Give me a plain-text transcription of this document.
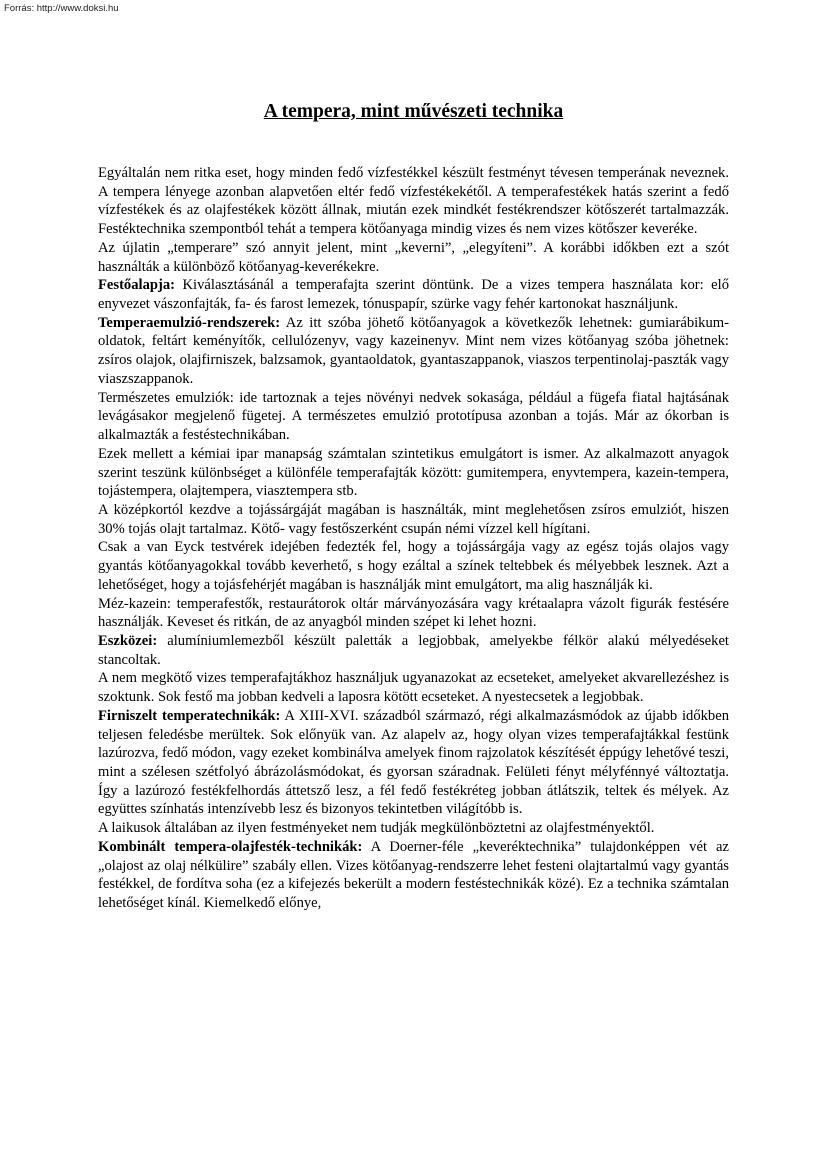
Forrás: http://www.doksi.hu
A tempera, mint művészeti technika

Egyáltalán nem ritka eset, hogy minden fedő vízfestékkel készült festményt tévesen temperának neveznek. A tempera lényege azonban alapvetően eltér fedő vízfestékekétől. A temperafestékek hatás szerint a fedő vízfestékek és az olajfestékek között állnak, miután ezek mindkét festékrendszer kötőszerét tartalmazzák. Festéktechnika szempontból tehát a tempera kötőanyaga mindig vizes és nem vizes kötőszer keveréke.

Az újlatin „temperare” szó annyit jelent, mint „keverni”, „elegyíteni”. A korábbi időkben ezt a szót használták a különböző kötőanyag-keverékekre.

Festőalapja: Kiválasztásánál a temperafajta szerint döntünk. De a vizes tempera használata kor: elő enyvezet vászonfajták, fa- és farost lemezek, tónuspapír, szürke vagy fehér kartonokat használjunk.

Temperaemulzió-rendszerek: Az itt szóba jöhető kötőanyagok a következők lehetnek: gumiarábikum-oldatok, feltárt keményítők, cellulózenyv, vagy kazeinenyv. Mint nem vizes kötőanyag szóba jöhetnek: zsíros olajok, olajfirniszek, balzsamok, gyantaoldatok, gyantaszappanok, viaszos terpentinolaj-paszták vagy viaszszappanok.

Természetes emulziók: ide tartoznak a tejes növényi nedvek sokasága, például a fügefa fiatal hajtásának levágásakor megjelenő fügetej. A természetes emulzió prototípusa azonban a tojás. Már az ókorban is alkalmazták a festéstechnikában.

Ezek mellett a kémiai ipar manapság számtalan szintetikus emulgátort is ismer. Az alkalmazott anyagok szerint teszünk különbséget a különféle temperafajták között: gumitempera, enyvtempera, kazein-tempera, tojástempera, olajtempera, viasztempera stb.

A középkortól kezdve a tojássárgáját magában is használták, mint meglehetősen zsíros emulziót, hiszen 30% tojás olajt tartalmaz. Kötő- vagy festőszerként csupán némi vízzel kell hígítani.

Csak a van Eyck testvérek idejében fedezték fel, hogy a tojássárgája vagy az egész tojás olajos vagy gyantás kötőanyagokkal tovább keverhető, s hogy ezáltal a színek teltebbek és mélyebbek lesznek. Azt a lehetőséget, hogy a tojásfehérjét magában is használják mint emulgátort, ma alig használják ki.

Méz-kazein: temperafestők, restaurátorok oltár márványozására vagy krétaalapra vázolt figurák festésére használják. Keveset és ritkán, de az anyagból minden szépet ki lehet hozni.

Eszközei: alumíniumlemezből készült paletták a legjobbak, amelyekbe félkör alakú mélyedéseket stancoltak.

A nem megkötő vizes temperafajtákhoz használjuk ugyanazokat az ecseteket, amelyeket akvarellezéshez is szoktunk. Sok festő ma jobban kedveli a laposra kötött ecseteket. A nyestecsetek a legjobbak.

Firniszelt temperatechnikák: A XIII-XVI. századból származó, régi alkalmazásmódok az újabb időkben teljesen feledésbe merültek. Sok előnyük van. Az alapelv az, hogy olyan vizes temperafajtákkal festünk lazúrozva, fedő módon, vagy ezeket kombinálva amelyek finom rajzolatok készítését éppúgy lehetővé teszi, mint a szélesen szétfolyó ábrázolásmódokat, és gyorsan száradnak. Felületi fényt mélyfénnyé változtatja. Így a lazúrozó festékfelhordás áttetsző lesz, a fél fedő festékréteg jobban átlátszik, teltek és mélyek. Az együttes színhatás intenzívebb lesz és bizonyos tekintetben világítóbb is.

A laikusok általában az ilyen festményeket nem tudják megkülönböztetni az olajfestményektől.

Kombinált tempera-olajfesték-technikák: A Doerner-féle „keveréktechnika” tulajdonképpen vét az „olajost az olaj nélkülire” szabály ellen. Vizes kötőanyag-rendszerre lehet festeni olajtartalmú vagy gyantás festékkel, de fordítva soha (ez a kifejezés bekerült a modern festéstechnikák közé). Ez a technika számtalan lehetőséget kínál. Kiemelkedő előnye,
